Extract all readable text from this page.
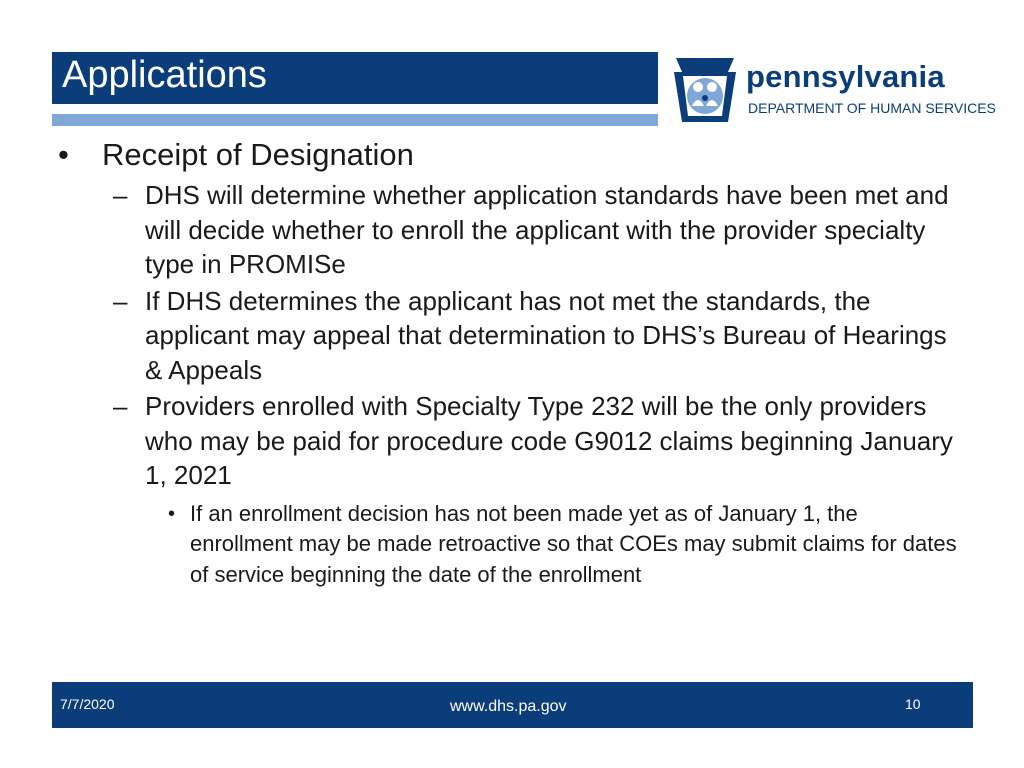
Applications	pennsylvania
DEPARTMENT OF HUMAN SERVICES
• Receipt of Designation
– DHS will determine whether application standards have been met and will decide whether to enroll the applicant with the provider specialty type in PROMISe
– If DHS determines the applicant has not met the standards, the applicant may appeal that determination to DHS’s Bureau of Hearings & Appeals
– Providers enrolled with Specialty Type 232 will be the only providers who may be paid for procedure code G9012 claims beginning January 1, 2021
• If an enrollment decision has not been made yet as of January 1, the enrollment may be made retroactive so that COEs may submit claims for dates of service beginning the date of the enrollment
7/7/2020	www.dhs.pa.gov	10
